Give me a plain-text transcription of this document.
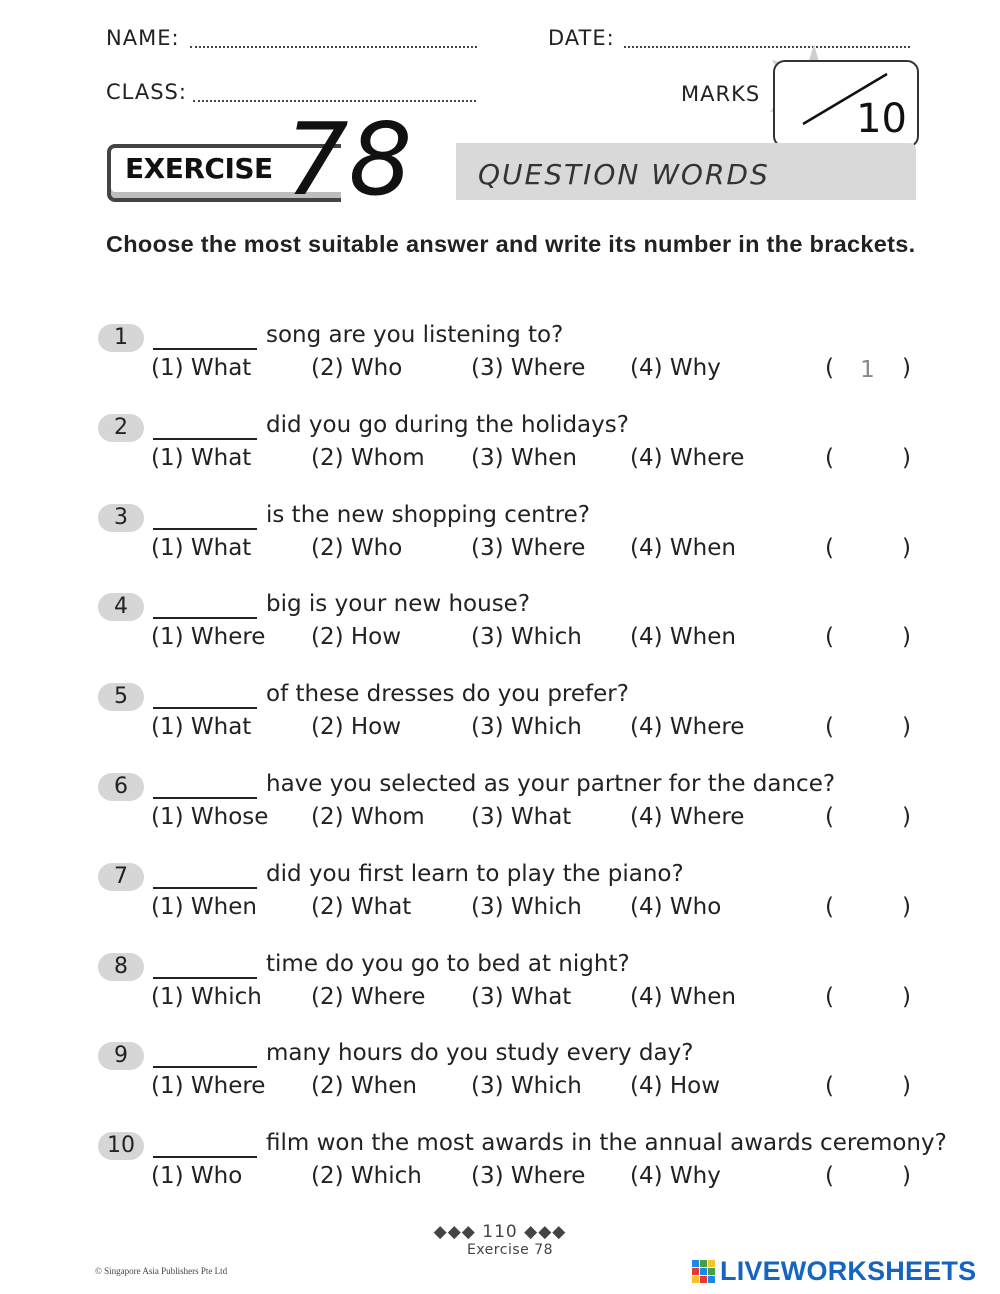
NAME:	DATE:
CLASS:	MARKS
10
EXERCISE 78 QUESTION WORDS
Choose the most suitable answer and write its number in the brackets.
1	song are you listening to?
(1) What	(2) Who	(3) Where (4) Why	(
1	)
2	did you go during the holidays?
(1) What	(2) Whom (3) When (4) Where	(	)
3	is the new shopping centre?
(1) What	(2) Who	(3) Where (4) When	(	)
4	big is your new house?
(1) Where (2) How	(3) Which (4) When	(	)
5	of these dresses do you prefer?
(1) What	(2) How	(3) Which (4) Where	(	)
6	have you selected as your partner for the dance?
(1) Whose (2) Whom (3) What	(4) Where	(	)
7	did you first learn to play the piano?
(1) When (2) What	(3) Which (4) Who	(	)
8	time do you go to bed at night?
(1) Which (2) Where (3) What	(4) When	(	)
9	many hours do you study every day?
(1) Where (2) When (3) Which (4) How	(	)
10	film won the most awards in the annual awards ceremony?
(1) Who	(2) Which (3) Where (4) Why	(	)
◆◆◆ 110 ◆◆◆
Exercise 78
© Singapore Asia Publishers Pte Ltd	LIVEWORKSHEETS
